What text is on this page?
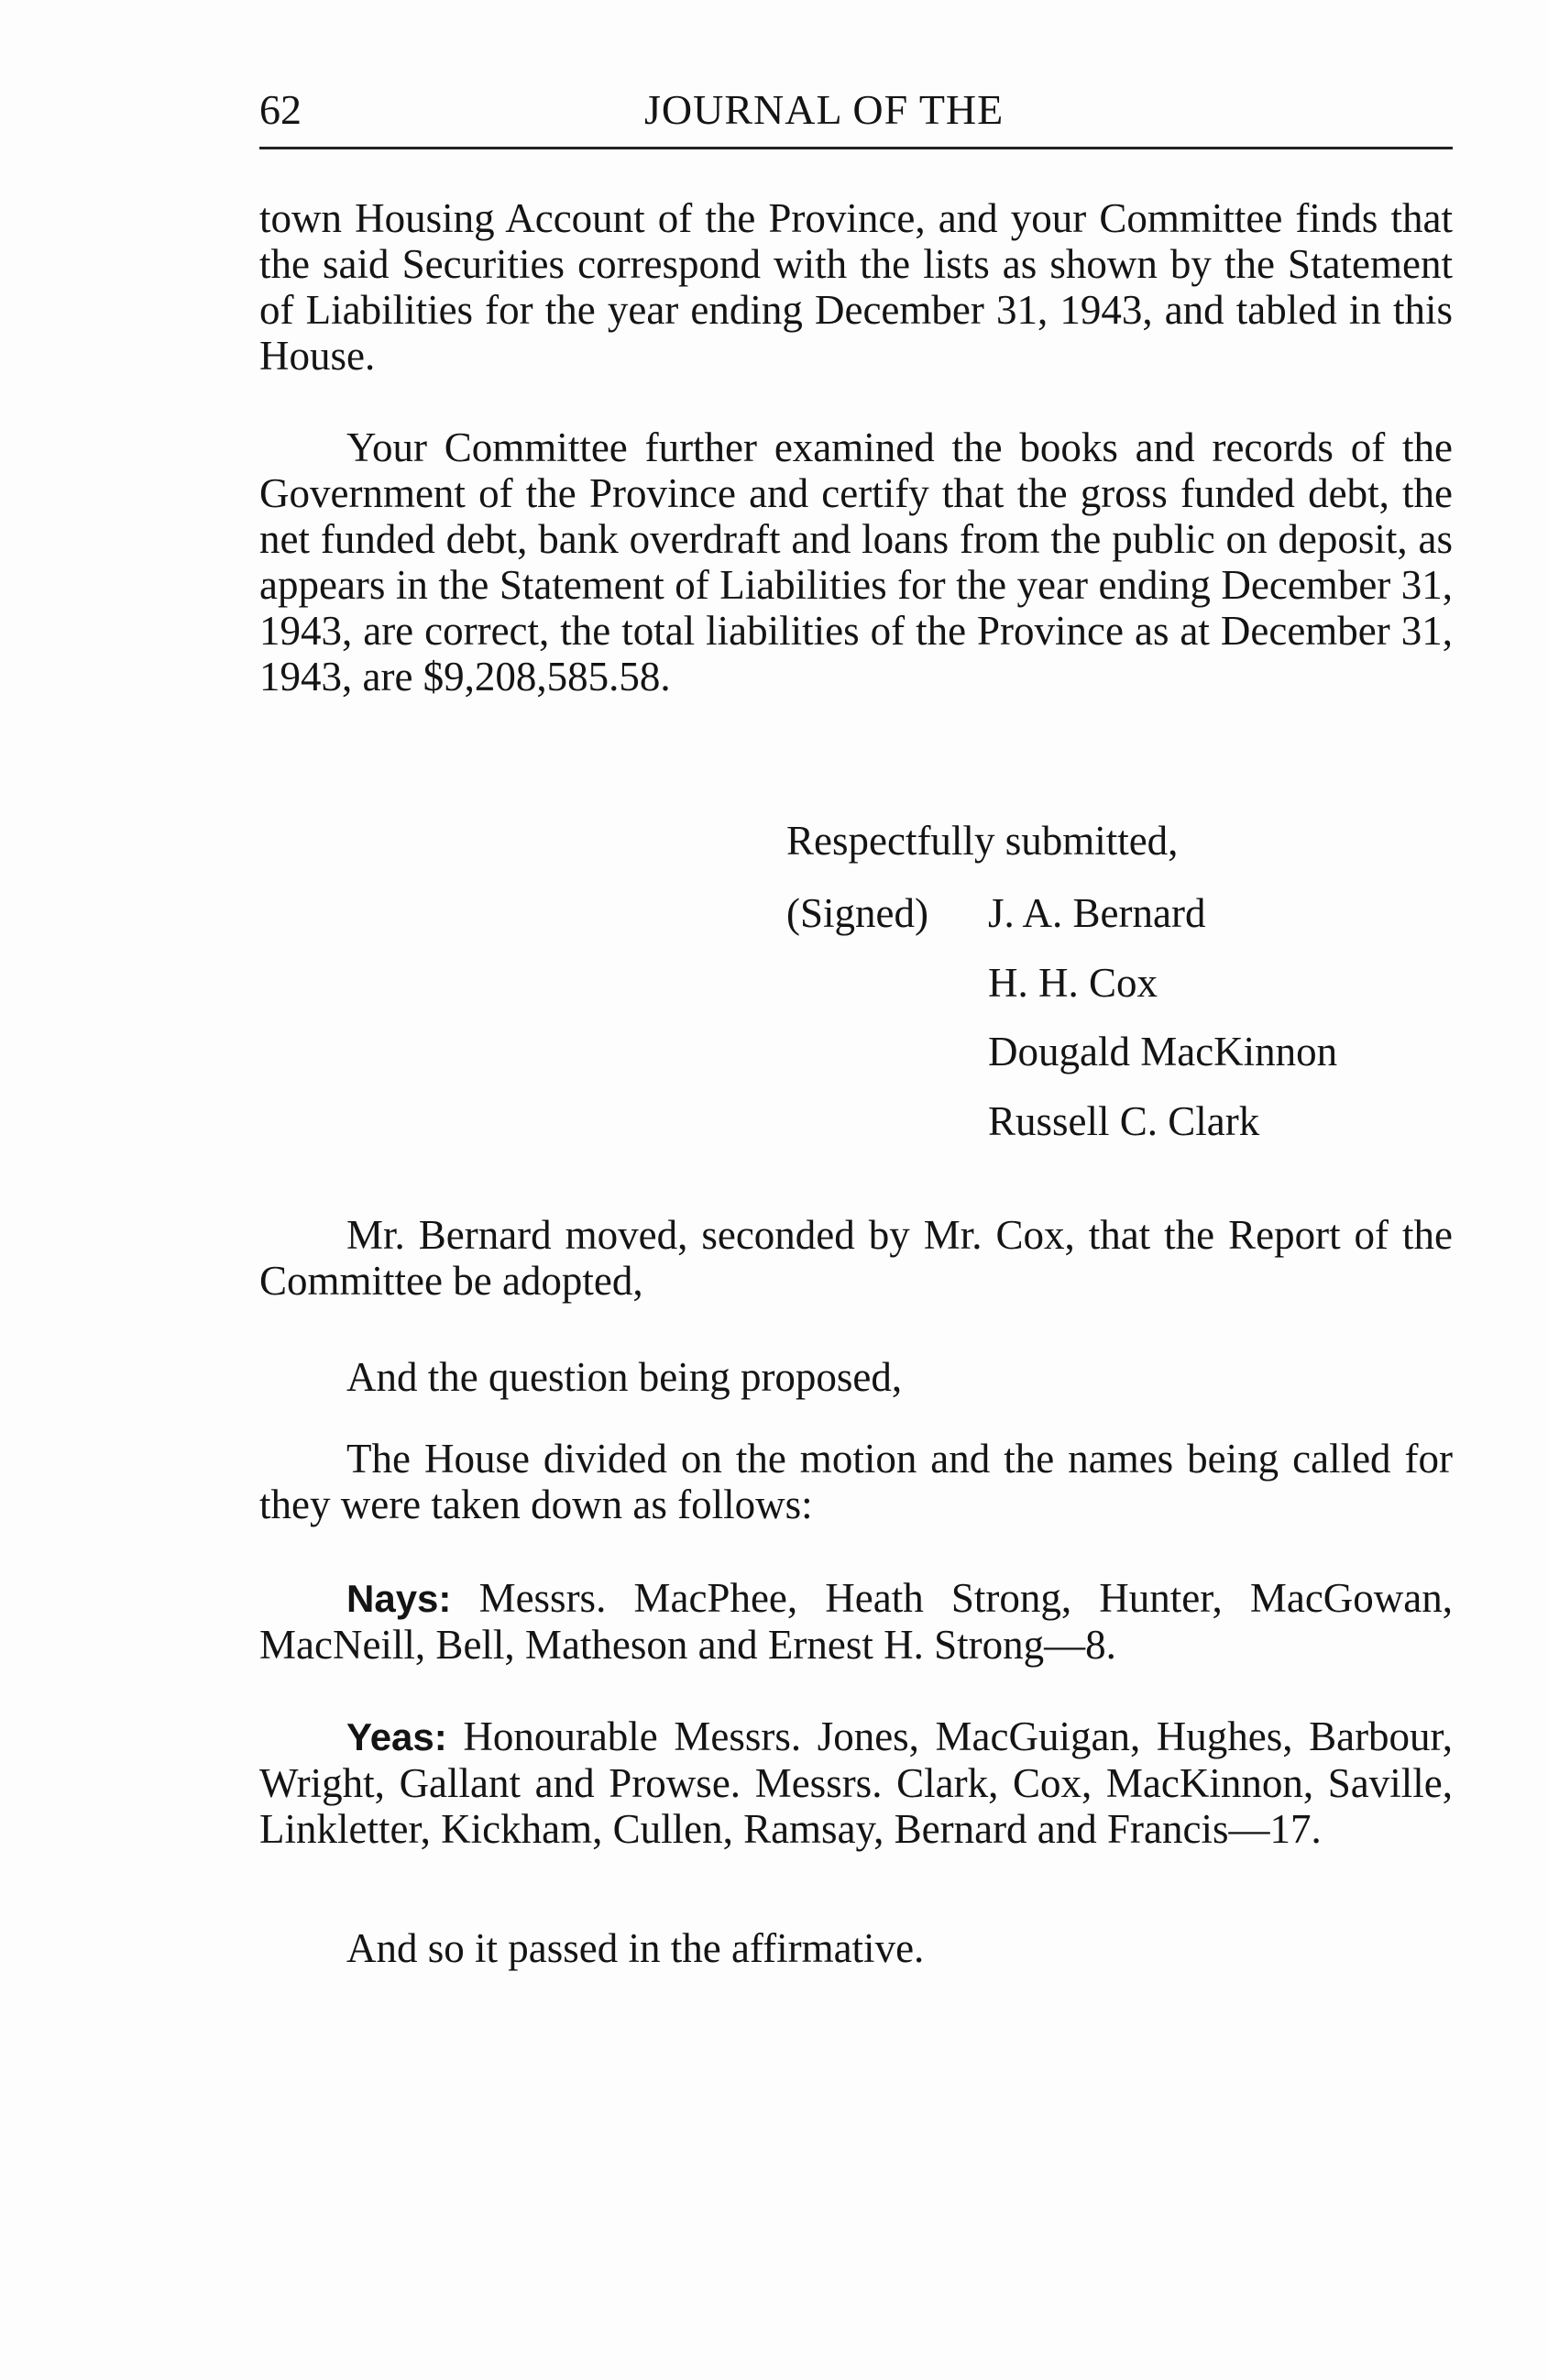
62	JOURNAL OF THE

town Housing Account of the Province, and your Committee finds that the said Securities correspond with the lists as shown by the Statement of Liabilities for the year ending December 31, 1943, and tabled in this House.

Your Committee further examined the books and records of the Government of the Province and certify that the gross funded debt, the net funded debt, bank overdraft and loans from the public on deposit, as appears in the Statement of Liabilities for the year ending December 31, 1943, are correct, the total liabilities of the Province as at December 31, 1943, are $9,208,585.58.

Respectfully submitted,
(Signed) J. A. Bernard
H. H. Cox
Dougald MacKinnon
Russell C. Clark

Mr. Bernard moved, seconded by Mr. Cox, that the Report of the Committee be adopted,

And the question being proposed,

The House divided on the motion and the names being called for they were taken down as follows:

Nays: Messrs. MacPhee, Heath Strong, Hunter, MacGowan, MacNeill, Bell, Matheson and Ernest H. Strong—8.

Yeas: Honourable Messrs. Jones, MacGuigan, Hughes, Barbour, Wright, Gallant and Prowse. Messrs. Clark, Cox, MacKinnon, Saville, Linkletter, Kickham, Cullen, Ramsay, Bernard and Francis—17.

And so it passed in the affirmative.
